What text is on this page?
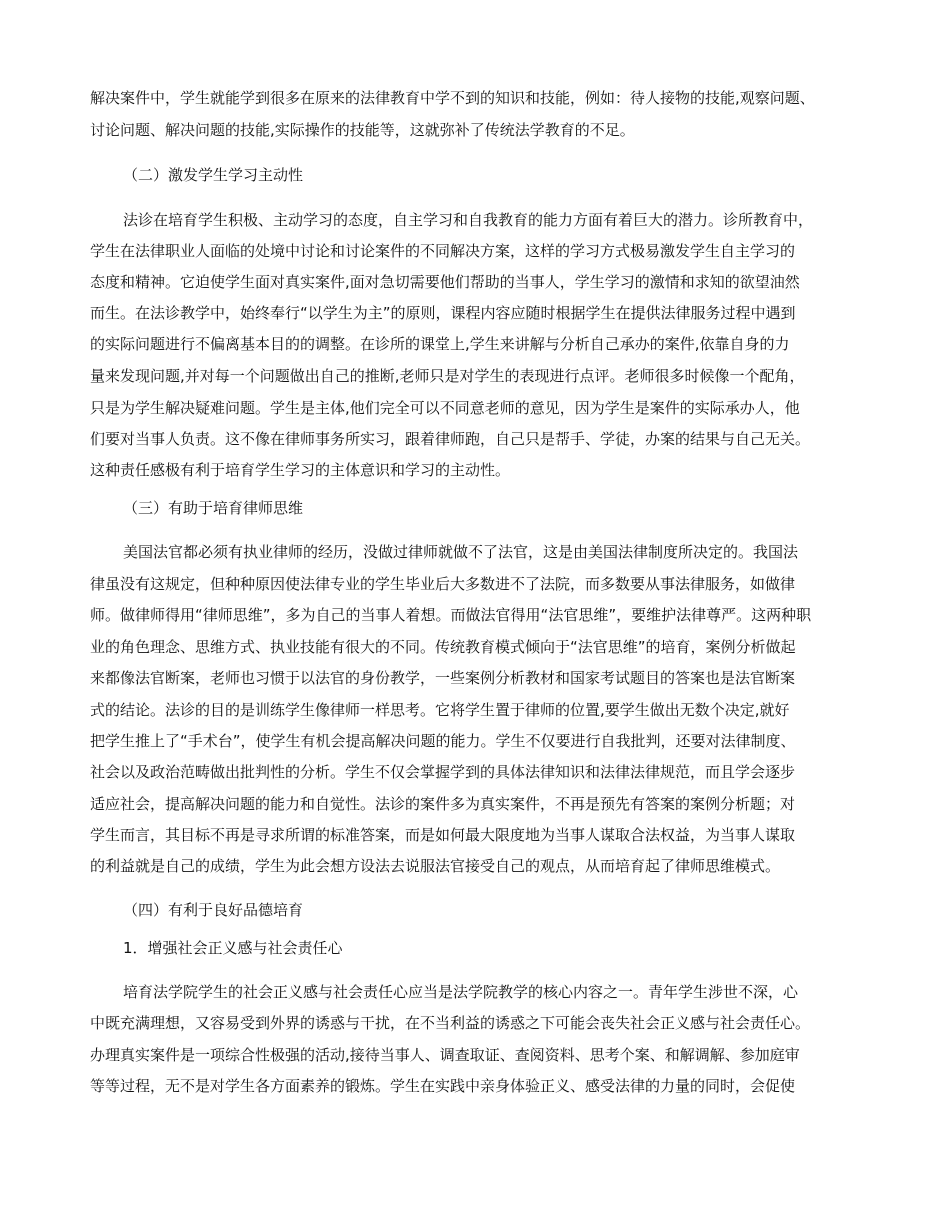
解决案件中，学生就能学到很多在原来的法律教育中学不到的知识和技能，例如：待人接物的技能,观察问题、
讨论问题、解决问题的技能,实际操作的技能等，这就弥补了传统法学教育的不足。
（二）激发学生学习主动性
法诊在培育学生积极、主动学习的态度，自主学习和自我教育的能力方面有着巨大的潜力。诊所教育中，
学生在法律职业人面临的处境中讨论和讨论案件的不同解决方案，这样的学习方式极易激发学生自主学习的
态度和精神。它迫使学生面对真实案件,面对急切需要他们帮助的当事人，学生学习的激情和求知的欲望油然
而生。在法诊教学中，始终奉行“以学生为主”的原则，课程内容应随时根据学生在提供法律服务过程中遇到
的实际问题进行不偏离基本目的的调整。在诊所的课堂上,学生来讲解与分析自己承办的案件,依靠自身的力
量来发现问题,并对每一个问题做出自己的推断,老师只是对学生的表现进行点评。老师很多时候像一个配角，
只是为学生解决疑难问题。学生是主体,他们完全可以不同意老师的意见，因为学生是案件的实际承办人，他
们要对当事人负责。这不像在律师事务所实习，跟着律师跑，自己只是帮手、学徒，办案的结果与自己无关。
这种责任感极有利于培育学生学习的主体意识和学习的主动性。
（三）有助于培育律师思维
美国法官都必须有执业律师的经历，没做过律师就做不了法官，这是由美国法律制度所决定的。我国法
律虽没有这规定，但种种原因使法律专业的学生毕业后大多数进不了法院，而多数要从事法律服务，如做律
师。做律师得用“律师思维”，多为自己的当事人着想。而做法官得用“法官思维”，要维护法律尊严。这两种职
业的角色理念、思维方式、执业技能有很大的不同。传统教育模式倾向于“法官思维”的培育，案例分析做起
来都像法官断案，老师也习惯于以法官的身份教学，一些案例分析教材和国家考试题目的答案也是法官断案
式的结论。法诊的目的是训练学生像律师一样思考。它将学生置于律师的位置,要学生做出无数个决定,就好
把学生推上了“手术台”，使学生有机会提高解决问题的能力。学生不仅要进行自我批判，还要对法律制度、
社会以及政治范畴做出批判性的分析。学生不仅会掌握学到的具体法律知识和法律法律规范，而且学会逐步
适应社会，提高解决问题的能力和自觉性。法诊的案件多为真实案件，不再是预先有答案的案例分析题；对
学生而言，其目标不再是寻求所谓的标准答案，而是如何最大限度地为当事人谋取合法权益，为当事人谋取
的利益就是自己的成绩，学生为此会想方设法去说服法官接受自己的观点，从而培育起了律师思维模式。
（四）有利于良好品德培育
1．增强社会正义感与社会责任心
培育法学院学生的社会正义感与社会责任心应当是法学院教学的核心内容之一。青年学生涉世不深，心
中既充满理想，又容易受到外界的诱惑与干扰，在不当利益的诱惑之下可能会丧失社会正义感与社会责任心。
办理真实案件是一项综合性极强的活动,接待当事人、调查取证、查阅资料、思考个案、和解调解、参加庭审
等等过程，无不是对学生各方面素养的锻炼。学生在实践中亲身体验正义、感受法律的力量的同时，会促使
